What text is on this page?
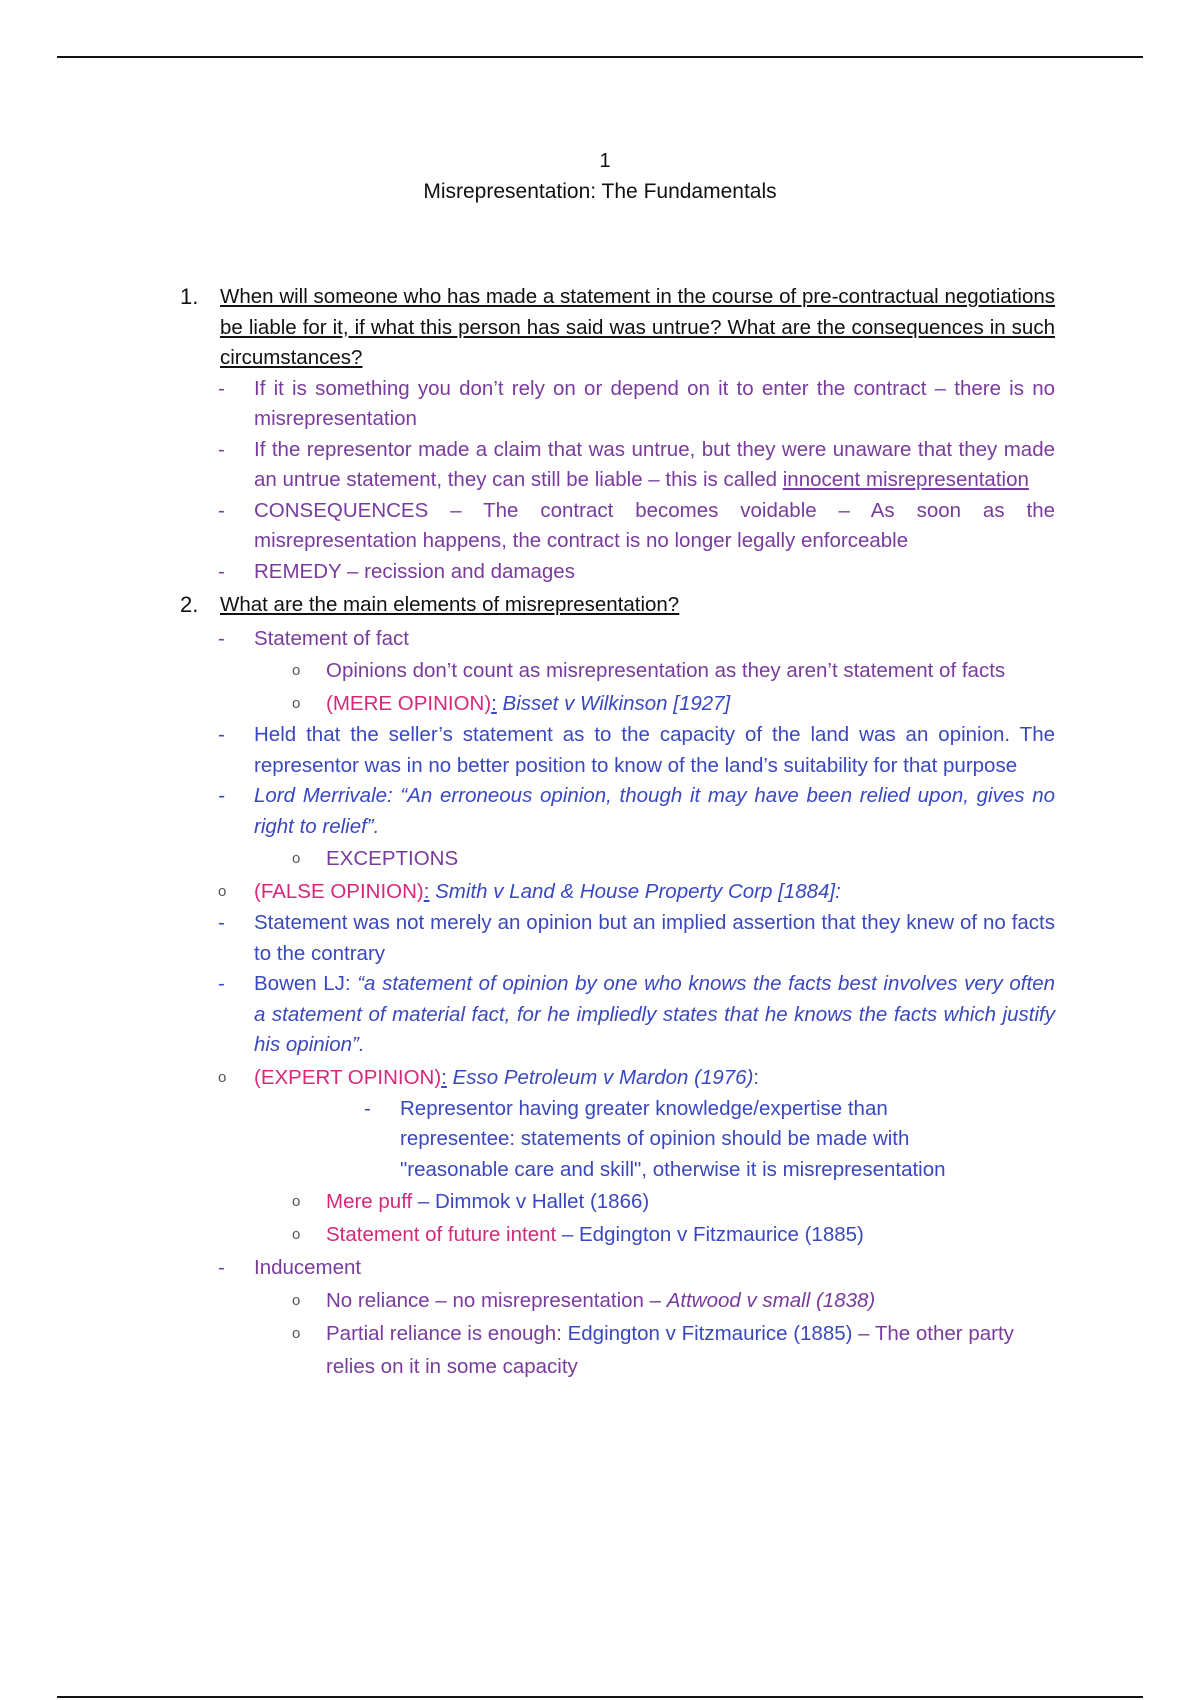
1
Misrepresentation: The Fundamentals
1. When will someone who has made a statement in the course of pre-contractual negotiations be liable for it, if what this person has said was untrue? What are the consequences in such circumstances?
- If it is something you don’t rely on or depend on it to enter the contract – there is no misrepresentation
- If the representor made a claim that was untrue, but they were unaware that they made an untrue statement, they can still be liable – this is called innocent misrepresentation
- CONSEQUENCES – The contract becomes voidable – As soon as the misrepresentation happens, the contract is no longer legally enforceable
- REMEDY – recission and damages
2. What are the main elements of misrepresentation?
- Statement of fact
o Opinions don’t count as misrepresentation as they aren’t statement of facts
o (MERE OPINION): Bisset v Wilkinson [1927]
- Held that the seller’s statement as to the capacity of the land was an opinion. The representor was in no better position to know of the land’s suitability for that purpose
- Lord Merrivale: “An erroneous opinion, though it may have been relied upon, gives no right to relief”.
o EXCEPTIONS
o (FALSE OPINION): Smith v Land & House Property Corp [1884]:
- Statement was not merely an opinion but an implied assertion that they knew of no facts to the contrary
- Bowen LJ: “a statement of opinion by one who knows the facts best involves very often a statement of material fact, for he impliedly states that he knows the facts which justify his opinion”.
o (EXPERT OPINION): Esso Petroleum v Mardon (1976):
- Representor having greater knowledge/expertise than representee: statements of opinion should be made with "reasonable care and skill", otherwise it is misrepresentation
o Mere puff – Dimmok v Hallet (1866)
o Statement of future intent – Edgington v Fitzmaurice (1885)
- Inducement
o No reliance – no misrepresentation – Attwood v small (1838)
o Partial reliance is enough: Edgington v Fitzmaurice (1885) – The other party relies on it in some capacity
